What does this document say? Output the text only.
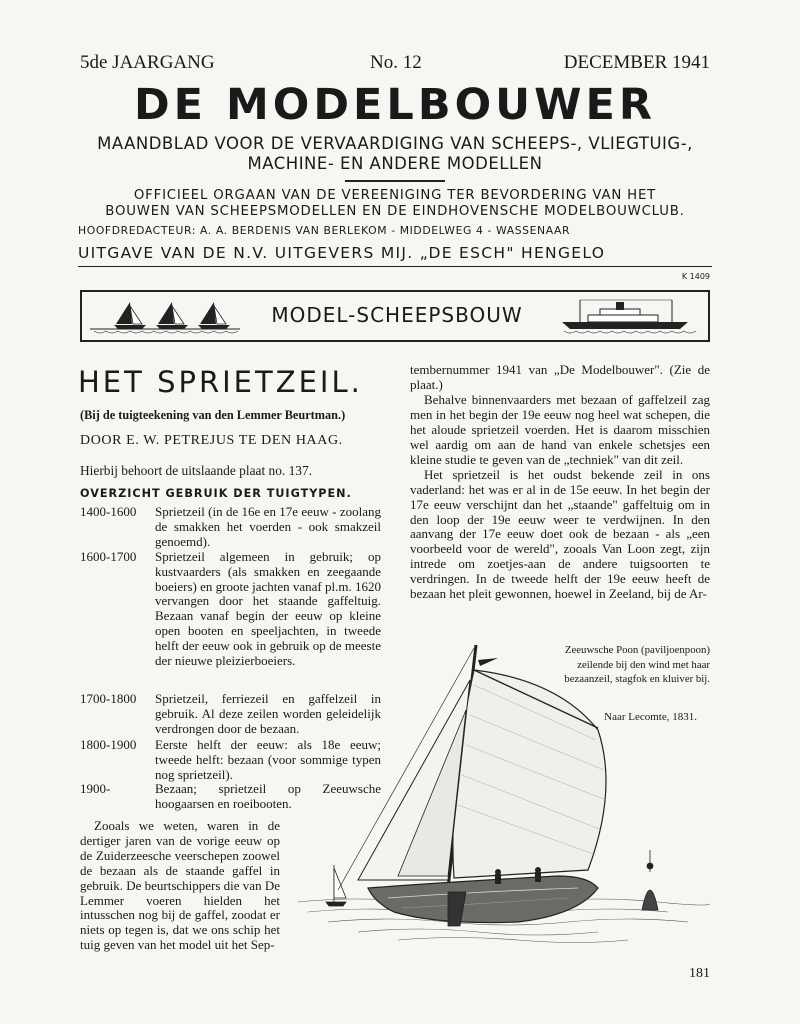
5de JAARGANG	No. 12	DECEMBER 1941
DE MODELBOUWER
MAANDBLAD VOOR DE VERVAARDIGING VAN SCHEEPS-, VLIEGTUIG-,
MACHINE- EN ANDERE MODELLEN
OFFICIEEL ORGAAN VAN DE VEREENIGING TER BEVORDERING VAN HET
BOUWEN VAN SCHEEPSMODELLEN EN DE EINDHOVENSCHE MODELBOUWCLUB.
HOOFDREDACTEUR: A. A. BERDENIS VAN BERLEKOM - MIDDELWEG 4 - WASSENAAR
UITGAVE VAN DE N.V. UITGEVERS MIJ. „DE ESCH" HENGELO
K 1409
MODEL-SCHEEPSBOUW
HET SPRIETZEIL.
(Bij de tuigteekening van den Lemmer Beurtman.)
DOOR E. W. PETREJUS TE DEN HAAG.
Hierbij behoort de uitslaande plaat no. 137.
OVERZICHT GEBRUIK DER TUIGTYPEN.
1400-1600	Sprietzeil (in de 16e en 17e eeuw - zoolang de smakken het voerden - ook smakzeil genoemd).
1600-1700	Sprietzeil algemeen in gebruik; op kustvaarders (als smakken en zeegaande boeiers) en groote jachten vanaf pl.m. 1620 vervangen door het staande gaffeltuig. Bezaan vanaf begin der eeuw op kleine open booten en speeljachten, in tweede helft der eeuw ook in gebruik op de meeste der nieuwe pleizierboeiers.
1700-1800	Sprietzeil, ferriezeil en gaffelzeil in gebruik. Al deze zeilen worden geleidelijk verdrongen door de bezaan.
1800-1900	Eerste helft der eeuw: als 18e eeuw; tweede helft: bezaan (voor sommige typen nog sprietzeil).
1900-	Bezaan; sprietzeil op Zeeuwsche hoogaarsen en roeibooten.

Zooals we weten, waren in de dertiger jaren van de vorige eeuw op de Zuiderzeesche veerschepen zoowel de bezaan als de staande gaffel in gebruik. De beurtschippers die van De Lemmer voeren hielden het intusschen nog bij de gaffel, zoodat er niets op tegen is, dat we ons schip het tuig geven van het model uit het Sep-

tembernummer 1941 van „De Modelbouwer". (Zie de plaat.)

Behalve binnenvaarders met bezaan of gaffelzeil zag men in het begin der 19e eeuw nog heel wat schepen, die het aloude sprietzeil voerden. Het is daarom misschien wel aardig om aan de hand van enkele schetsjes een kleine studie te geven van de „techniek" van dit zeil.

Het sprietzeil is het oudst bekende zeil in ons vaderland: het was er al in de 15e eeuw. In het begin der 17e eeuw verschijnt dan het „staande" gaffeltuig om in den loop der 19e eeuw weer te verdwijnen. In den aanvang der 17e eeuw doet ook de bezaan - als „een voorbeeld voor de wereld", zooals Van Loon zegt, zijn intrede om zoetjes-aan de andere tuigsoorten te verdringen. In de tweede helft der 19e eeuw heeft de bezaan het pleit gewonnen, hoewel in Zeeland, bij de Ar-

Zeeuwsche Poon (paviljoenpoon) zeilende bij den wind met haar bezaanzeil, stagfok en kluiver bij.
Naar Lecomte, 1831.
181
